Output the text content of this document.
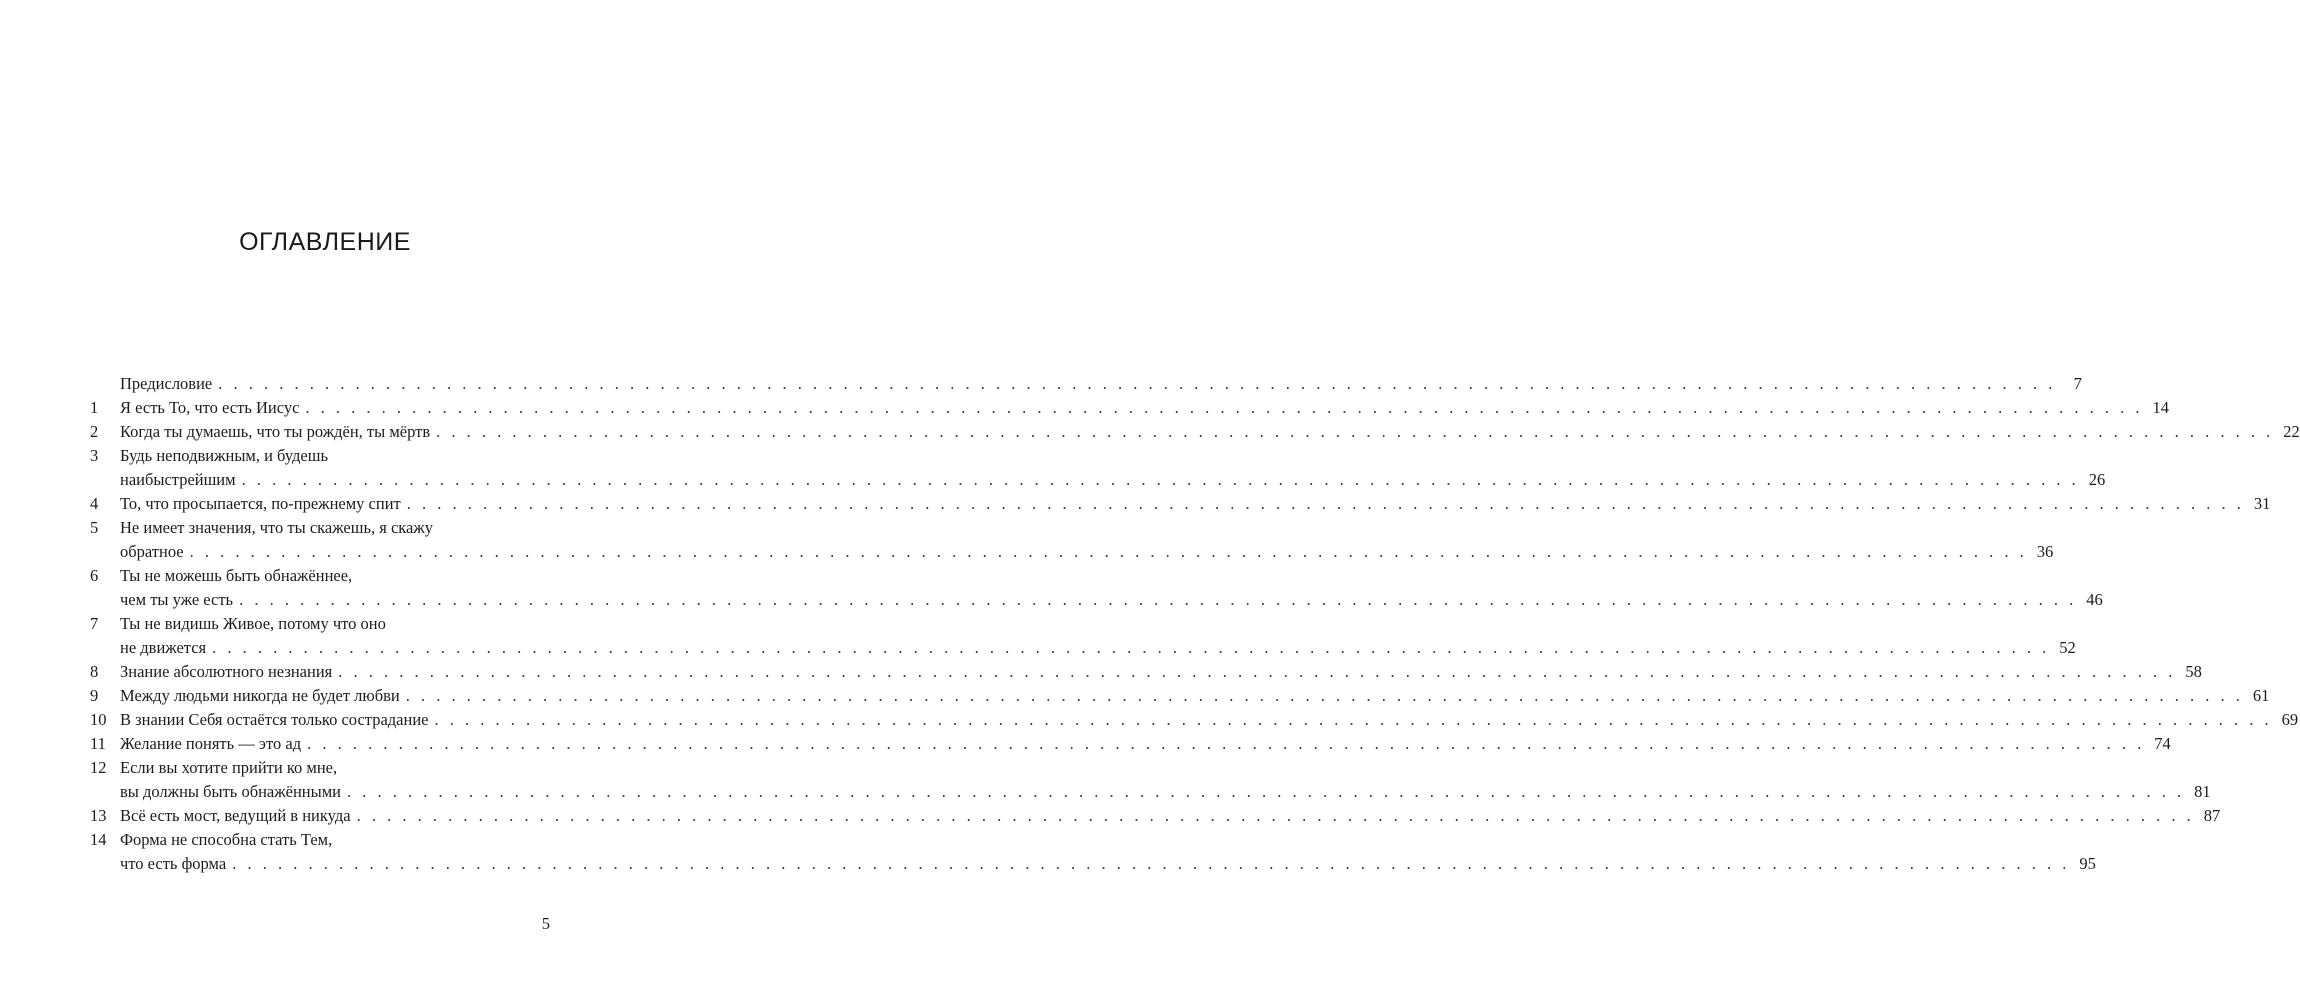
ОГЛАВЛЕНИЕ
Предисловие . . .	7
1	Я есть То, что есть Иисус . . .	14
2	Когда ты думаешь, что ты рождён, ты мёртв . . .	22
3	Будь неподвижным, и будешь
наибыстрейшим . . .	26
4	То, что просыпается, по-прежнему спит . . .	31
5	Не имеет значения, что ты скажешь, я скажу
обратное . . .	36
6	Ты не можешь быть обнажённее,
чем ты уже есть . . .	46
7	Ты не видишь Живое, потому что оно
не движется . . .	52
8	Знание абсолютного незнания . . .	58
9	Между людьми никогда не будет любви . . .	61
10 В знании Себя остаётся только сострадание . . .	69
11 Желание понять — это ад . . .	74
12 Если вы хотите прийти ко мне,
вы должны быть обнажёнными . . .	81
13 Всё есть мост, ведущий в никуда . . .	87
14 Форма не способна стать Тем,
что есть форма . . .	95
5
